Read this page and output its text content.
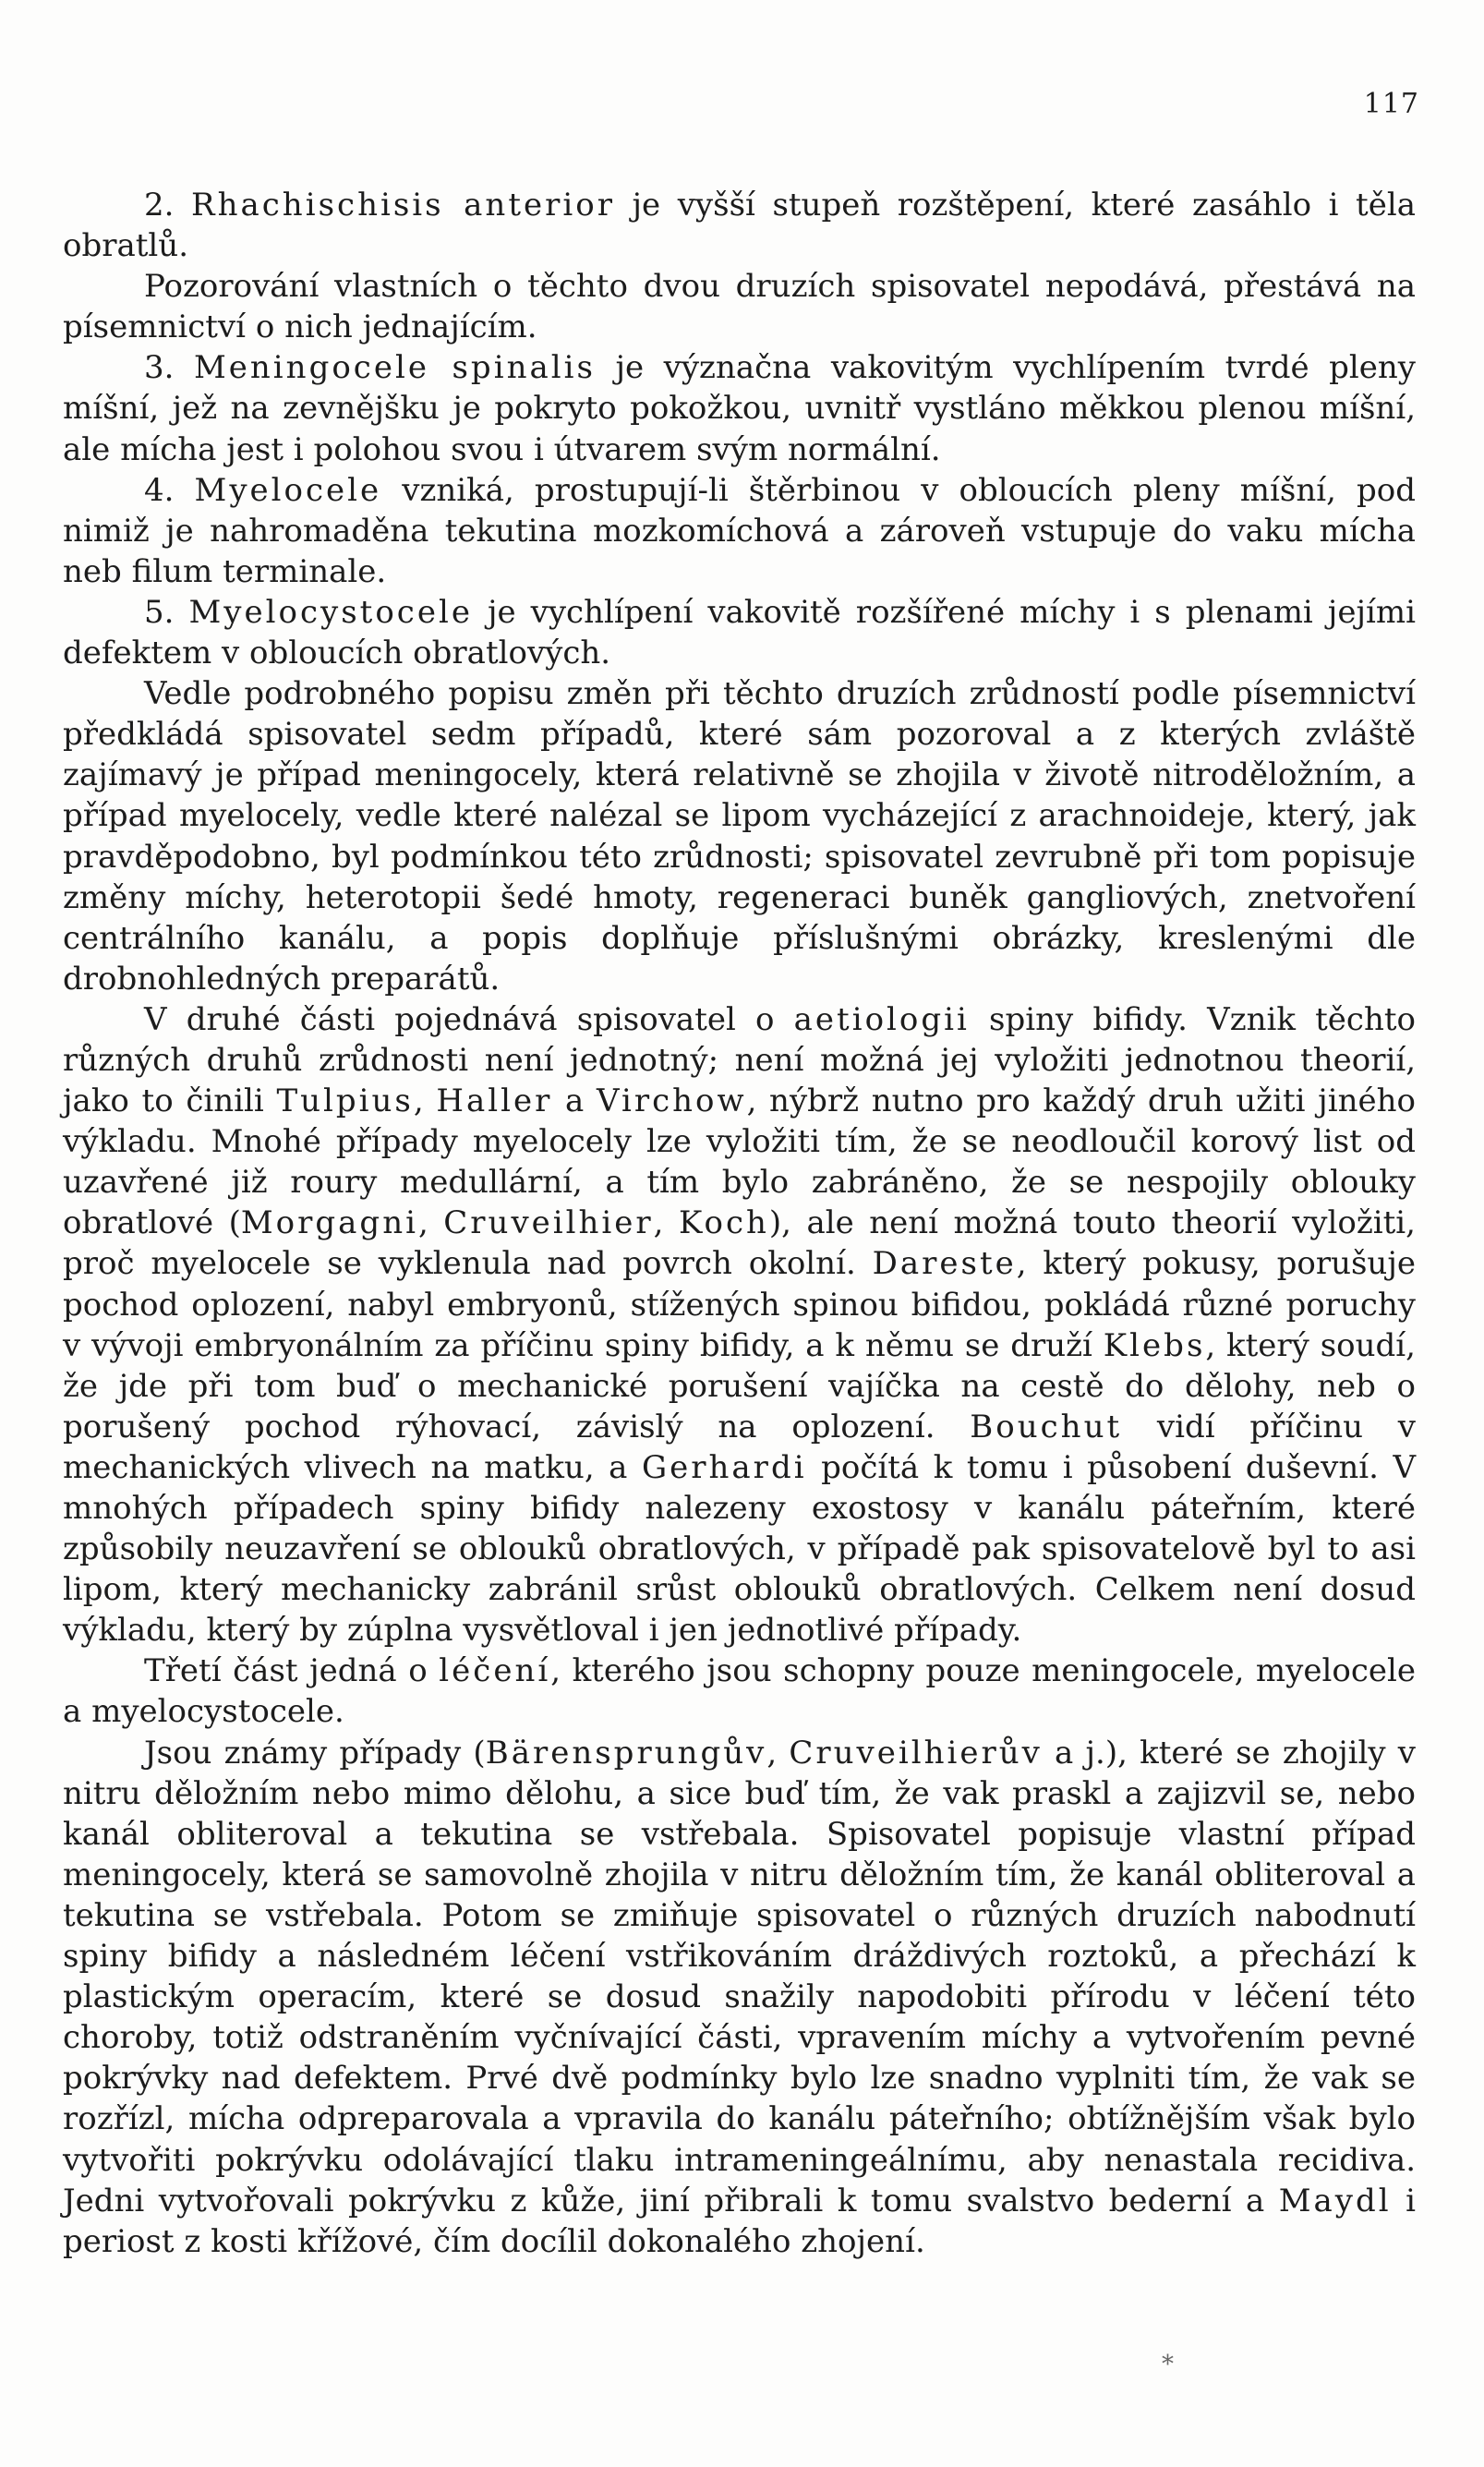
117

2. Rhachischisis anterior je vyšší stupeň rozštěpení, které zasáhlo i těla obratlů.

Pozorování vlastních o těchto dvou druzích spisovatel nepodává, přestává na písemnictví o nich jednajícím.

3. Meningocele spinalis je význačna vakovitým vychlípením tvrdé pleny míšní, jež na zevnějšku je pokryto pokožkou, uvnitř vystláno měkkou plenou míšní, ale mícha jest i polohou svou i útvarem svým normální.

4. Myelocele vzniká, prostupují-li štěrbinou v obloucích pleny míšní, pod nimiž je nahromaděna tekutina mozkomíchová a zároveň vstupuje do vaku mícha neb filum terminale.

5. Myelocystocele je vychlípení vakovitě rozšířené míchy i s plenami jejími defektem v obloucích obratlových.

Vedle podrobného popisu změn při těchto druzích zrůdností podle písemnictví předkládá spisovatel sedm případů, které sám pozoroval a z kterých zvláště zajímavý je případ meningocely, která relativně se zhojila v životě nitroděložním, a případ myelocely, vedle které nalézal se lipom vycházející z arachnoideje, který, jak pravděpodobno, byl podmínkou této zrůdnosti; spisovatel zevrubně při tom popisuje změny míchy, heterotopii šedé hmoty, regeneraci buněk gangliových, znetvoření centrálního kanálu, a popis doplňuje příslušnými obrázky, kreslenými dle drobnohledných preparátů.

V druhé části pojednává spisovatel o aetiologii spiny bifidy. Vznik těchto různých druhů zrůdnosti není jednotný; není možná jej vyložiti jednotnou theorií, jako to činili Tulpius, Haller a Virchow, nýbrž nutno pro každý druh užiti jiného výkladu. Mnohé případy myelocely lze vyložiti tím, že se neodloučil korový list od uzavřené již roury medullární, a tím bylo zabráněno, že se nespojily oblouky obratlové (Morgagni, Cruveilhier, Koch), ale není možná touto theorií vyložiti, proč myelocele se vyklenula nad povrch okolní. Dareste, který pokusy, porušuje pochod oplození, nabyl embryonů, stížených spinou bifidou, pokládá různé poruchy v vývoji embryonálním za příčinu spiny bifidy, a k němu se druží Klebs, který soudí, že jde při tom buď o mechanické porušení vajíčka na cestě do dělohy, neb o porušený pochod rýhovací, závislý na oplození. Bouchut vidí příčinu v mechanických vlivech na matku, a Gerhardi počítá k tomu i působení duševní. V mnohých případech spiny bifidy nalezeny exostosy v kanálu páteřním, které způsobily neuzavření se oblouků obratlových, v případě pak spisovatelově byl to asi lipom, který mechanicky zabránil srůst oblouků obratlových. Celkem není dosud výkladu, který by zúplna vysvětloval i jen jednotlivé případy.

Třetí část jedná o léčení, kterého jsou schopny pouze meningocele, myelocele a myelocystocele.

Jsou známy případy (Bärensprungův, Cruveilhierův a j.), které se zhojily v nitru děložním nebo mimo dělohu, a sice buď tím, že vak praskl a zajizvil se, nebo kanál obliteroval a tekutina se vstřebala. Spisovatel popisuje vlastní případ meningocely, která se samovolně zhojila v nitru děložním tím, že kanál obliteroval a tekutina se vstřebala. Potom se zmiňuje spisovatel o různých druzích nabodnutí spiny bifidy a následném léčení vstřikováním dráždivých roztoků, a přechází k plastickým operacím, které se dosud snažily napodobiti přírodu v léčení této choroby, totiž odstraněním vyčnívající části, vpravením míchy a vytvořením pevné pokrývky nad defektem. Prvé dvě podmínky bylo lze snadno vyplniti tím, že vak se rozřízl, mícha odpreparovala a vpravila do kanálu páteřního; obtížnějším však bylo vytvořiti pokrývku odolávající tlaku intrameningeálnímu, aby nenastala recidiva. Jedni vytvořovali pokrývku z kůže, jiní přibrali k tomu svalstvo bederní a Maydl i periost z kosti křížové, čím docílil dokonalého zhojení.

*
